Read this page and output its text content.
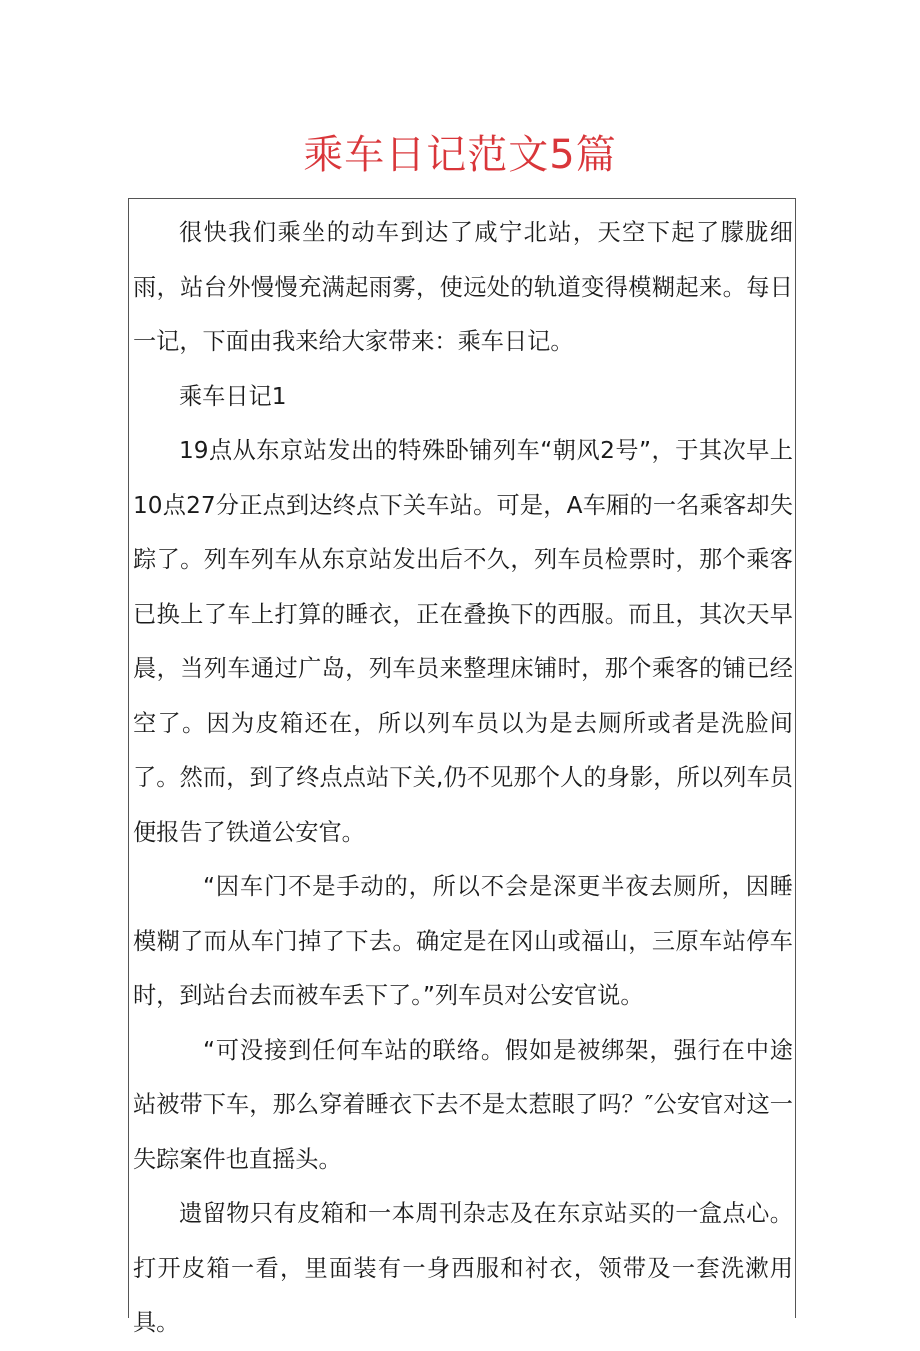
乘车日记范文5篇

很快我们乘坐的动车到达了咸宁北站，天空下起了朦胧细雨，站台外慢慢充满起雨雾，使远处的轨道变得模糊起来。每日一记，下面由我来给大家带来：乘车日记。

乘车日记1

19点从东京站发出的特殊卧铺列车“朝风2号”，于其次早上10点27分正点到达终点下关车站。可是，A车厢的一名乘客却失踪了。列车列车从东京站发出后不久，列车员检票时，那个乘客已换上了车上打算的睡衣，正在叠换下的西服。而且，其次天早晨，当列车通过广岛，列车员来整理床铺时，那个乘客的铺已经空了。因为皮箱还在，所以列车员以为是去厕所或者是洗脸间了。然而，到了终点点站下关,仍不见那个人的身影，所以列车员便报告了铁道公安官。

“因车门不是手动的，所以不会是深更半夜去厕所，因睡模糊了而从车门掉了下去。确定是在冈山或福山，三原车站停车时，到站台去而被车丢下了。”列车员对公安官说。

“可没接到任何车站的联络。假如是被绑架，强行在中途站被带下车，那么穿着睡衣下去不是太惹眼了吗？″公安官对这一失踪案件也直摇头。

遗留物只有皮箱和一本周刊杂志及在东京站买的一盒点心。打开皮箱一看，里面装有一身西服和衬衣，领带及一套洗漱用具。
